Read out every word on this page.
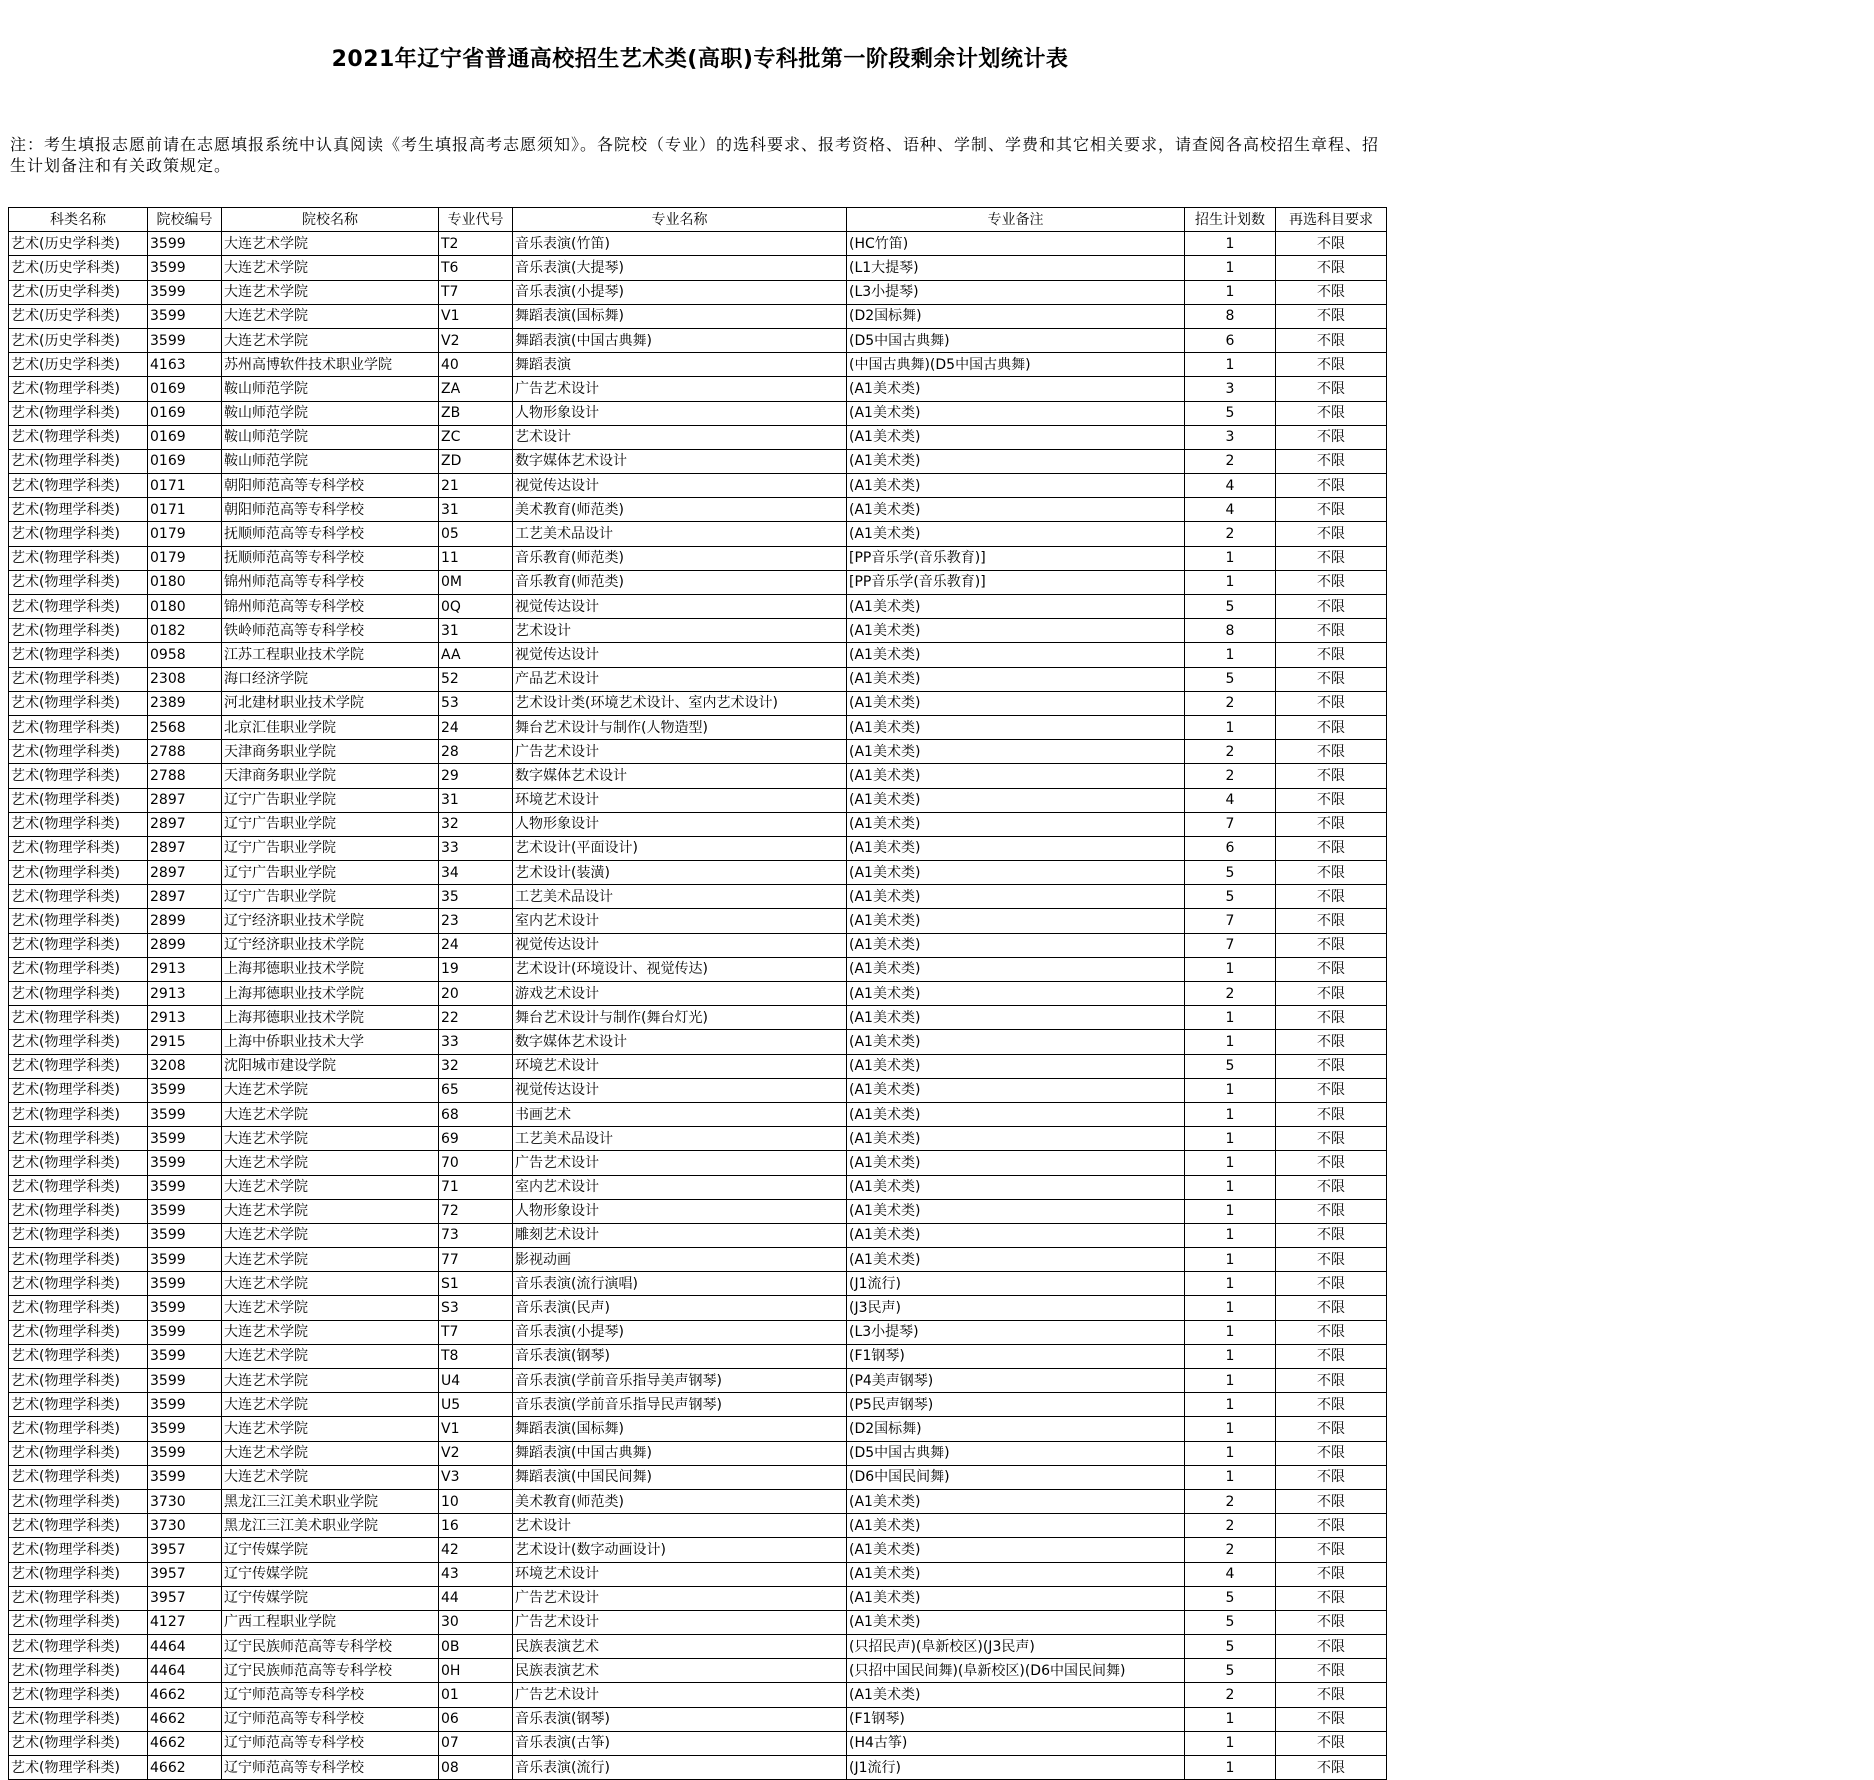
2021年辽宁省普通高校招生艺术类(高职)专科批第一阶段剩余计划统计表
注：考生填报志愿前请在志愿填报系统中认真阅读《考生填报高考志愿须知》。各院校（专业）的选科要求、报考资格、语种、学制、学费和其它相关要求，请查阅各高校招生章程、招生计划备注和有关政策规定。
科类名称	院校编号	院校名称	专业代号	专业名称	专业备注	招生计划数	再选科目要求
艺术(历史学科类)	3599	大连艺术学院	T2	音乐表演(竹笛)	(HC竹笛)	1	不限
艺术(历史学科类)	3599	大连艺术学院	T6	音乐表演(大提琴)	(L1大提琴)	1	不限
艺术(历史学科类)	3599	大连艺术学院	T7	音乐表演(小提琴)	(L3小提琴)	1	不限
艺术(历史学科类)	3599	大连艺术学院	V1	舞蹈表演(国标舞)	(D2国标舞)	8	不限
艺术(历史学科类)	3599	大连艺术学院	V2	舞蹈表演(中国古典舞)	(D5中国古典舞)	6	不限
艺术(历史学科类)	4163	苏州高博软件技术职业学院	40	舞蹈表演	(中国古典舞)(D5中国古典舞)	1	不限
艺术(物理学科类)	0169	鞍山师范学院	ZA	广告艺术设计	(A1美术类)	3	不限
艺术(物理学科类)	0169	鞍山师范学院	ZB	人物形象设计	(A1美术类)	5	不限
艺术(物理学科类)	0169	鞍山师范学院	ZC	艺术设计	(A1美术类)	3	不限
艺术(物理学科类)	0169	鞍山师范学院	ZD	数字媒体艺术设计	(A1美术类)	2	不限
艺术(物理学科类)	0171	朝阳师范高等专科学校	21	视觉传达设计	(A1美术类)	4	不限
艺术(物理学科类)	0171	朝阳师范高等专科学校	31	美术教育(师范类)	(A1美术类)	4	不限
艺术(物理学科类)	0179	抚顺师范高等专科学校	05	工艺美术品设计	(A1美术类)	2	不限
艺术(物理学科类)	0179	抚顺师范高等专科学校	11	音乐教育(师范类)	[PP音乐学(音乐教育)]	1	不限
艺术(物理学科类)	0180	锦州师范高等专科学校	0M	音乐教育(师范类)	[PP音乐学(音乐教育)]	1	不限
艺术(物理学科类)	0180	锦州师范高等专科学校	0Q	视觉传达设计	(A1美术类)	5	不限
艺术(物理学科类)	0182	铁岭师范高等专科学校	31	艺术设计	(A1美术类)	8	不限
艺术(物理学科类)	0958	江苏工程职业技术学院	AA	视觉传达设计	(A1美术类)	1	不限
艺术(物理学科类)	2308	海口经济学院	52	产品艺术设计	(A1美术类)	5	不限
艺术(物理学科类)	2389	河北建材职业技术学院	53	艺术设计类(环境艺术设计、室内艺术设计)	(A1美术类)	2	不限
艺术(物理学科类)	2568	北京汇佳职业学院	24	舞台艺术设计与制作(人物造型)	(A1美术类)	1	不限
艺术(物理学科类)	2788	天津商务职业学院	28	广告艺术设计	(A1美术类)	2	不限
艺术(物理学科类)	2788	天津商务职业学院	29	数字媒体艺术设计	(A1美术类)	2	不限
艺术(物理学科类)	2897	辽宁广告职业学院	31	环境艺术设计	(A1美术类)	4	不限
艺术(物理学科类)	2897	辽宁广告职业学院	32	人物形象设计	(A1美术类)	7	不限
艺术(物理学科类)	2897	辽宁广告职业学院	33	艺术设计(平面设计)	(A1美术类)	6	不限
艺术(物理学科类)	2897	辽宁广告职业学院	34	艺术设计(装潢)	(A1美术类)	5	不限
艺术(物理学科类)	2897	辽宁广告职业学院	35	工艺美术品设计	(A1美术类)	5	不限
艺术(物理学科类)	2899	辽宁经济职业技术学院	23	室内艺术设计	(A1美术类)	7	不限
艺术(物理学科类)	2899	辽宁经济职业技术学院	24	视觉传达设计	(A1美术类)	7	不限
艺术(物理学科类)	2913	上海邦德职业技术学院	19	艺术设计(环境设计、视觉传达)	(A1美术类)	1	不限
艺术(物理学科类)	2913	上海邦德职业技术学院	20	游戏艺术设计	(A1美术类)	2	不限
艺术(物理学科类)	2913	上海邦德职业技术学院	22	舞台艺术设计与制作(舞台灯光)	(A1美术类)	1	不限
艺术(物理学科类)	2915	上海中侨职业技术大学	33	数字媒体艺术设计	(A1美术类)	1	不限
艺术(物理学科类)	3208	沈阳城市建设学院	32	环境艺术设计	(A1美术类)	5	不限
艺术(物理学科类)	3599	大连艺术学院	65	视觉传达设计	(A1美术类)	1	不限
艺术(物理学科类)	3599	大连艺术学院	68	书画艺术	(A1美术类)	1	不限
艺术(物理学科类)	3599	大连艺术学院	69	工艺美术品设计	(A1美术类)	1	不限
艺术(物理学科类)	3599	大连艺术学院	70	广告艺术设计	(A1美术类)	1	不限
艺术(物理学科类)	3599	大连艺术学院	71	室内艺术设计	(A1美术类)	1	不限
艺术(物理学科类)	3599	大连艺术学院	72	人物形象设计	(A1美术类)	1	不限
艺术(物理学科类)	3599	大连艺术学院	73	雕刻艺术设计	(A1美术类)	1	不限
艺术(物理学科类)	3599	大连艺术学院	77	影视动画	(A1美术类)	1	不限
艺术(物理学科类)	3599	大连艺术学院	S1	音乐表演(流行演唱)	(J1流行)	1	不限
艺术(物理学科类)	3599	大连艺术学院	S3	音乐表演(民声)	(J3民声)	1	不限
艺术(物理学科类)	3599	大连艺术学院	T7	音乐表演(小提琴)	(L3小提琴)	1	不限
艺术(物理学科类)	3599	大连艺术学院	T8	音乐表演(钢琴)	(F1钢琴)	1	不限
艺术(物理学科类)	3599	大连艺术学院	U4	音乐表演(学前音乐指导美声钢琴)	(P4美声钢琴)	1	不限
艺术(物理学科类)	3599	大连艺术学院	U5	音乐表演(学前音乐指导民声钢琴)	(P5民声钢琴)	1	不限
艺术(物理学科类)	3599	大连艺术学院	V1	舞蹈表演(国标舞)	(D2国标舞)	1	不限
艺术(物理学科类)	3599	大连艺术学院	V2	舞蹈表演(中国古典舞)	(D5中国古典舞)	1	不限
艺术(物理学科类)	3599	大连艺术学院	V3	舞蹈表演(中国民间舞)	(D6中国民间舞)	1	不限
艺术(物理学科类)	3730	黑龙江三江美术职业学院	10	美术教育(师范类)	(A1美术类)	2	不限
艺术(物理学科类)	3730	黑龙江三江美术职业学院	16	艺术设计	(A1美术类)	2	不限
艺术(物理学科类)	3957	辽宁传媒学院	42	艺术设计(数字动画设计)	(A1美术类)	2	不限
艺术(物理学科类)	3957	辽宁传媒学院	43	环境艺术设计	(A1美术类)	4	不限
艺术(物理学科类)	3957	辽宁传媒学院	44	广告艺术设计	(A1美术类)	5	不限
艺术(物理学科类)	4127	广西工程职业学院	30	广告艺术设计	(A1美术类)	5	不限
艺术(物理学科类)	4464	辽宁民族师范高等专科学校	0B	民族表演艺术	(只招民声)(阜新校区)(J3民声)	5	不限
艺术(物理学科类)	4464	辽宁民族师范高等专科学校	0H	民族表演艺术	(只招中国民间舞)(阜新校区)(D6中国民间舞)	5	不限
艺术(物理学科类)	4662	辽宁师范高等专科学校	01	广告艺术设计	(A1美术类)	2	不限
艺术(物理学科类)	4662	辽宁师范高等专科学校	06	音乐表演(钢琴)	(F1钢琴)	1	不限
艺术(物理学科类)	4662	辽宁师范高等专科学校	07	音乐表演(古筝)	(H4古筝)	1	不限
艺术(物理学科类)	4662	辽宁师范高等专科学校	08	音乐表演(流行)	(J1流行)	1	不限
